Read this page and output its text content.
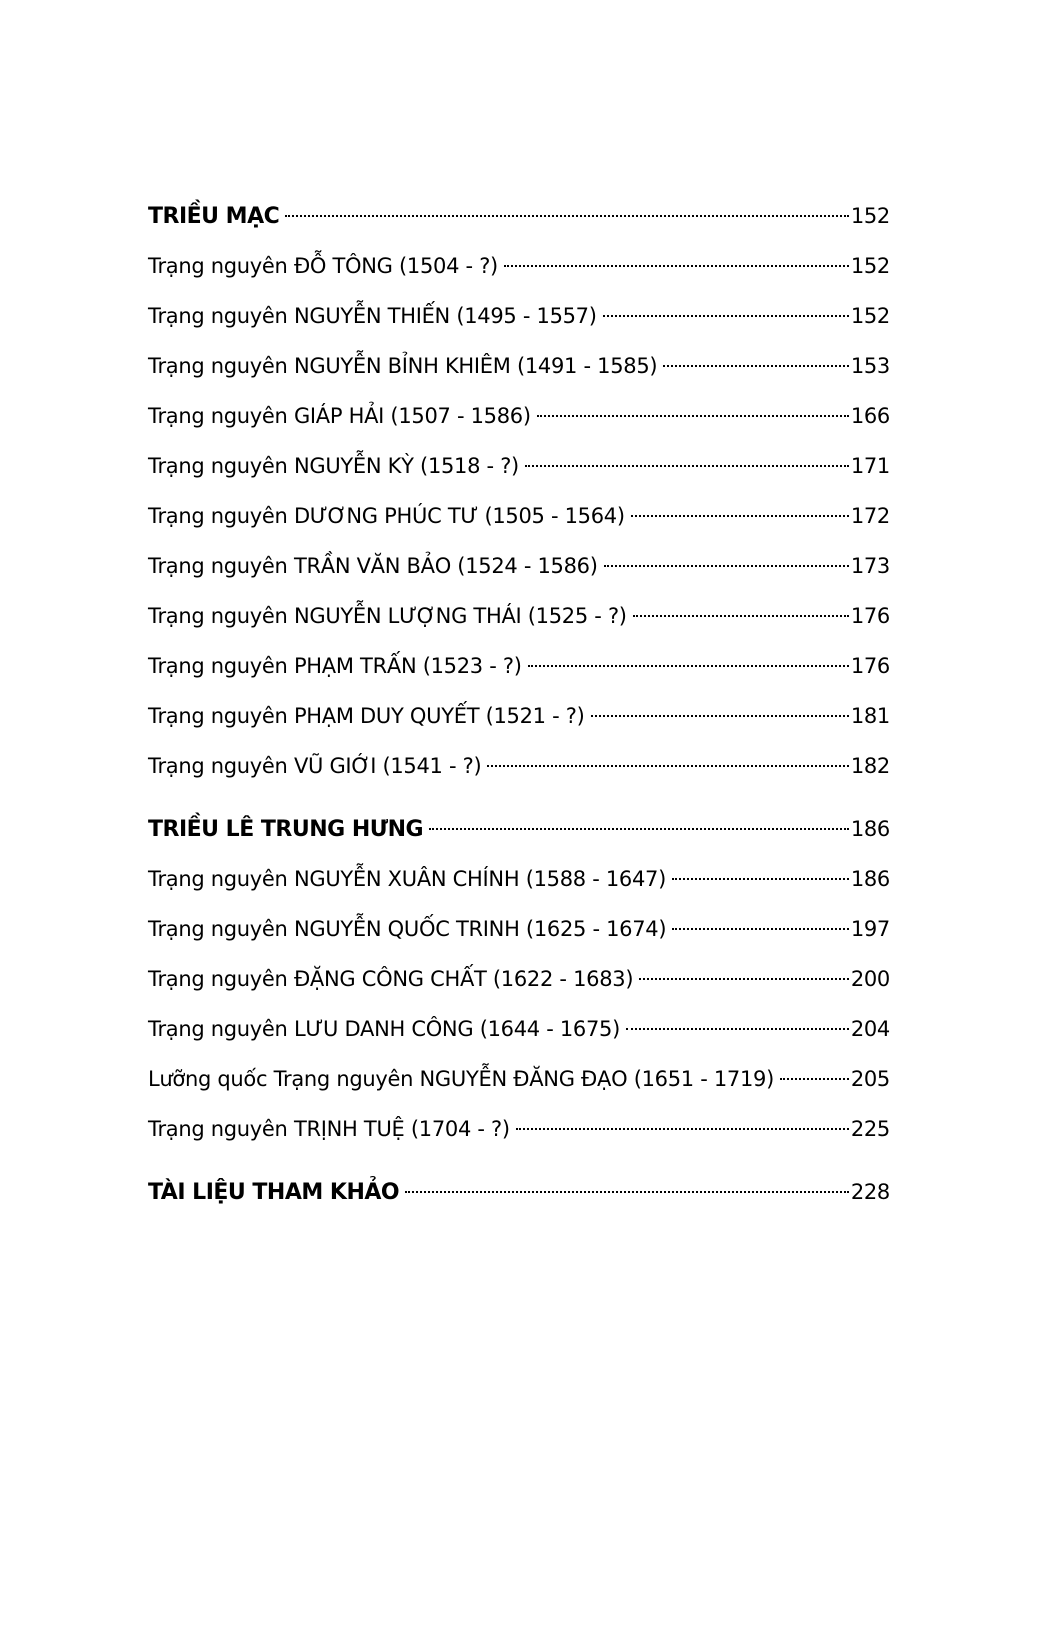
TRIỀU MẠC	152
Trạng nguyên ĐỖ TÔNG (1504 - ?)	152
Trạng nguyên NGUYỄN THIẾN (1495 - 1557)	152
Trạng nguyên NGUYỄN BỈNH KHIÊM (1491 - 1585)	153
Trạng nguyên GIÁP HẢI (1507 - 1586)	166
Trạng nguyên NGUYỄN KỲ (1518 - ?)	171
Trạng nguyên DƯƠNG PHÚC TƯ (1505 - 1564)	172
Trạng nguyên TRẦN VĂN BẢO (1524 - 1586)	173
Trạng nguyên NGUYỄN LƯỢNG THÁI (1525 - ?)	176
Trạng nguyên PHẠM TRẤN (1523 - ?)	176
Trạng nguyên PHẠM DUY QUYẾT (1521 - ?)	181
Trạng nguyên VŨ GIỚI (1541 - ?)	182
TRIỀU LÊ TRUNG HƯNG	186
Trạng nguyên NGUYỄN XUÂN CHÍNH (1588 - 1647)	186
Trạng nguyên NGUYỄN QUỐC TRINH (1625 - 1674)	197
Trạng nguyên ĐẶNG CÔNG CHẤT (1622 - 1683)	200
Trạng nguyên LƯU DANH CÔNG (1644 - 1675)	204
Lưỡng quốc Trạng nguyên NGUYỄN ĐĂNG ĐẠO (1651 - 1719)	205
Trạng nguyên TRỊNH TUỆ (1704 - ?)	225
TÀI LIỆU THAM KHẢO	228
